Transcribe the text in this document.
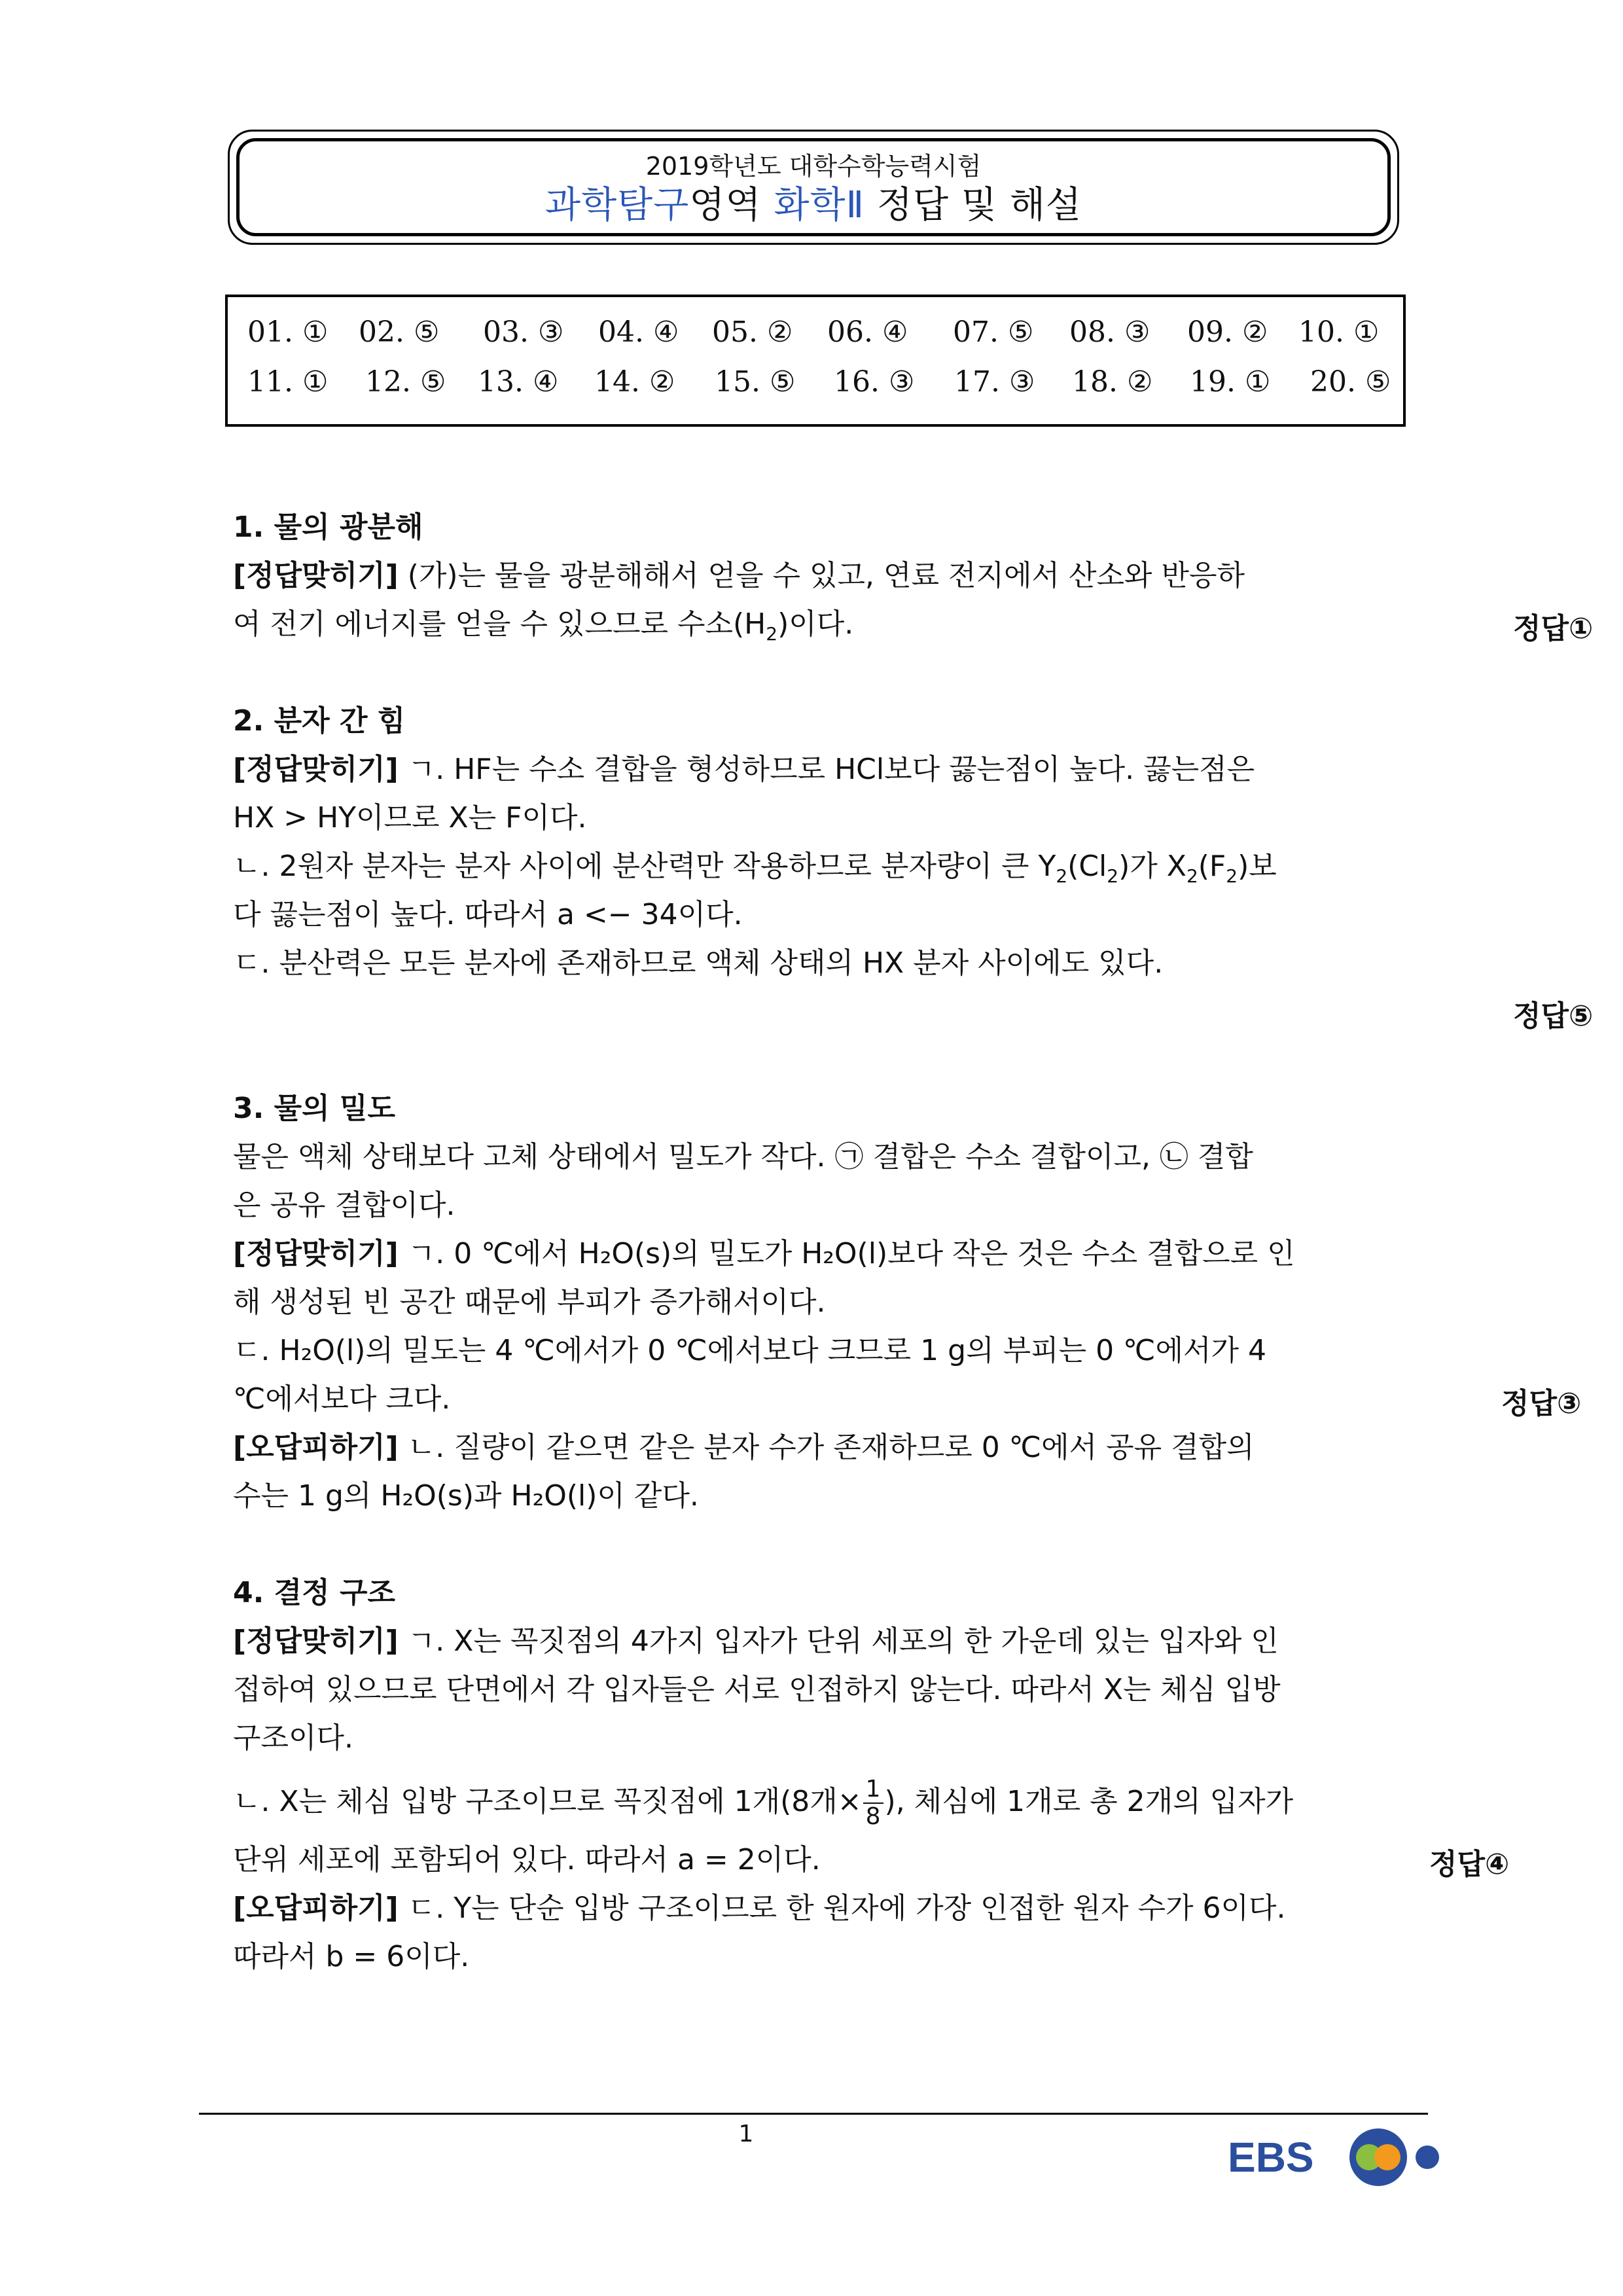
2019학년도 대학수학능력시험
과학탐구영역 화학Ⅱ 정답 및 해설
01. ① 02. ⑤ 03. ③ 04. ④ 05. ② 06. ④ 07. ⑤ 08. ③ 09. ② 10. ①
11. ① 12. ⑤ 13. ④ 14. ② 15. ⑤ 16. ③ 17. ③ 18. ② 19. ① 20. ⑤
1. 물의 광분해
[정답맞히기] (가)는 물을 광분해해서 얻을 수 있고, 연료 전지에서 산소와 반응하
여 전기 에너지를 얻을 수 있으므로 수소$(H_2)$이다.	정답①
2. 분자 간 힘
[정답맞히기] ㄱ. HF는 수소 결합을 형성하므로 HCl보다 끓는점이 높다. 끓는점은
HX > HY이므로 X는 F이다.
ㄴ. 2원자 분자는 분자 사이에 분산력만 작용하므로 분자량이 큰 $Y_2(Cl_2)$가 $X_2(F_2)$보
다 끓는점이 높다. 따라서 a <− 34이다.
ㄷ. 분산력은 모든 분자에 존재하므로 액체 상태의 HX 분자 사이에도 있다.
정답⑤
3. 물의 밀도
물은 액체 상태보다 고체 상태에서 밀도가 작다. ㉠ 결합은 수소 결합이고, ㉡ 결합
은 공유 결합이다.
[정답맞히기] ㄱ. 0 ℃에서 H₂O(s)의 밀도가 H₂O(l)보다 작은 것은 수소 결합으로 인
해 생성된 빈 공간 때문에 부피가 증가해서이다.
ㄷ. H₂O(l)의 밀도는 4 ℃에서가 0 ℃에서보다 크므로 1 g의 부피는 0 ℃에서가 4
℃에서보다 크다.	정답③
[오답피하기] ㄴ. 질량이 같으면 같은 분자 수가 존재하므로 0 ℃에서 공유 결합의
수는 1 g의 H₂O(s)과 H₂O(l)이 같다.
4. 결정 구조
[정답맞히기] ㄱ. X는 꼭짓점의 4가지 입자가 단위 세포의 한 가운데 있는 입자와 인
접하여 있으므로 단면에서 각 입자들은 서로 인접하지 않는다. 따라서 X는 체심 입방
구조이다.
ㄴ. X는 체심 입방 구조이므로 꼭짓점에 1개(8개× $\frac{1}{8}$ ), 체심에 1개로 총 2개의 입자가
단위 세포에 포함되어 있다. 따라서 a = 2이다.	정답④
[오답피하기] ㄷ. Y는 단순 입방 구조이므로 한 원자에 가장 인접한 원자 수가 6이다.
따라서 b = 6이다.
1	EBS
